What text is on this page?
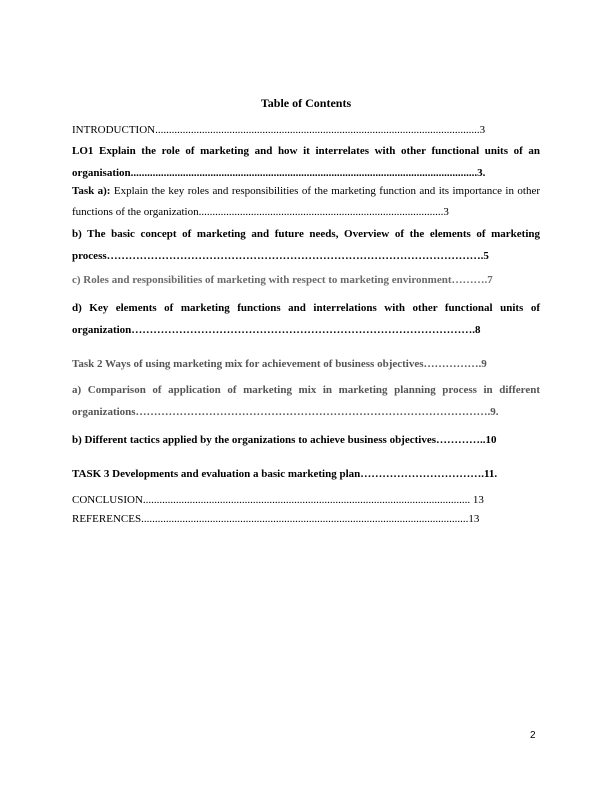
Table of Contents
INTRODUCTION......................................................................................................................3
LO1 Explain the role of marketing and how it interrelates with other functional units of an organisation..............................................................................................................................3.
Task a): Explain the key roles and responsibilities of the marketing function and its importance in other functions of the organization.........................................................................................3
b) The basic concept of marketing and future needs, Overview of the elements of marketing process………………………………………………………………………………………….5
c) Roles and responsibilities of marketing with respect to marketing environment……….7
d) Key elements of marketing functions and interrelations with other functional units of organization………………………………………………………………………………….8
Task 2 Ways of using marketing mix for achievement of business objectives…………….9
a) Comparison of application of marketing mix in marketing planning process in different organizations…………………………………………………………………………………….9.
b) Different tactics applied by the organizations to achieve business objectives…………..10
TASK 3 Developments and evaluation a basic marketing plan…………………………….11.
CONCLUSION....................................................................................................................... 13
REFERENCES.......................................................................................................................13
2
